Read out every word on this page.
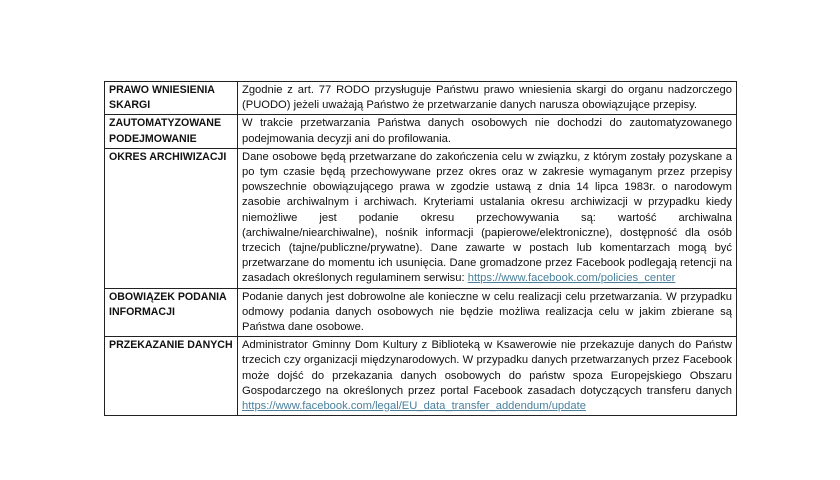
PRAWO WNIESIENIA SKARGI	Zgodnie z art. 77 RODO przysługuje Państwu prawo wniesienia skargi do organu nadzorczego (PUODO) jeżeli uważają Państwo że przetwarzanie danych narusza obowiązujące przepisy.
ZAUTOMATYZOWANE PODEJMOWANIE	W trakcie przetwarzania Państwa danych osobowych nie dochodzi do zautomatyzowanego podejmowania decyzji ani do profilowania.
OKRES ARCHIWIZACJI	Dane osobowe będą przetwarzane do zakończenia celu w związku, z którym zostały pozyskane a po tym czasie będą przechowywane przez okres oraz w zakresie wymaganym przez przepisy powszechnie obowiązującego prawa w zgodzie ustawą z dnia 14 lipca 1983r. o narodowym zasobie archiwalnym i archiwach. Kryteriami ustalania okresu archiwizacji w przypadku kiedy niemożliwe jest podanie okresu przechowywania są: wartość archiwalna (archiwalne/niearchiwalne), nośnik informacji (papierowe/elektroniczne), dostępność dla osób trzecich (tajne/publiczne/prywatne). Dane zawarte w postach lub komentarzach mogą być przetwarzane do momentu ich usunięcia. Dane gromadzone przez Facebook podlegają retencji na zasadach określonych regulaminem serwisu: https://www.facebook.com/policies_center
OBOWIĄZEK PODANIA INFORMACJI	Podanie danych jest dobrowolne ale konieczne w celu realizacji celu przetwarzania. W przypadku odmowy podania danych osobowych nie będzie możliwa realizacja celu w jakim zbierane są Państwa dane osobowe.
PRZEKAZANIE DANYCH	Administrator Gminny Dom Kultury z Biblioteką w Ksawerowie nie przekazuje danych do Państw trzecich czy organizacji międzynarodowych. W przypadku danych przetwarzanych przez Facebook może dojść do przekazania danych osobowych do państw spoza Europejskiego Obszaru Gospodarczego na określonych przez portal Facebook zasadach dotyczących transferu danych https://www.facebook.com/legal/EU_data_transfer_addendum/update
